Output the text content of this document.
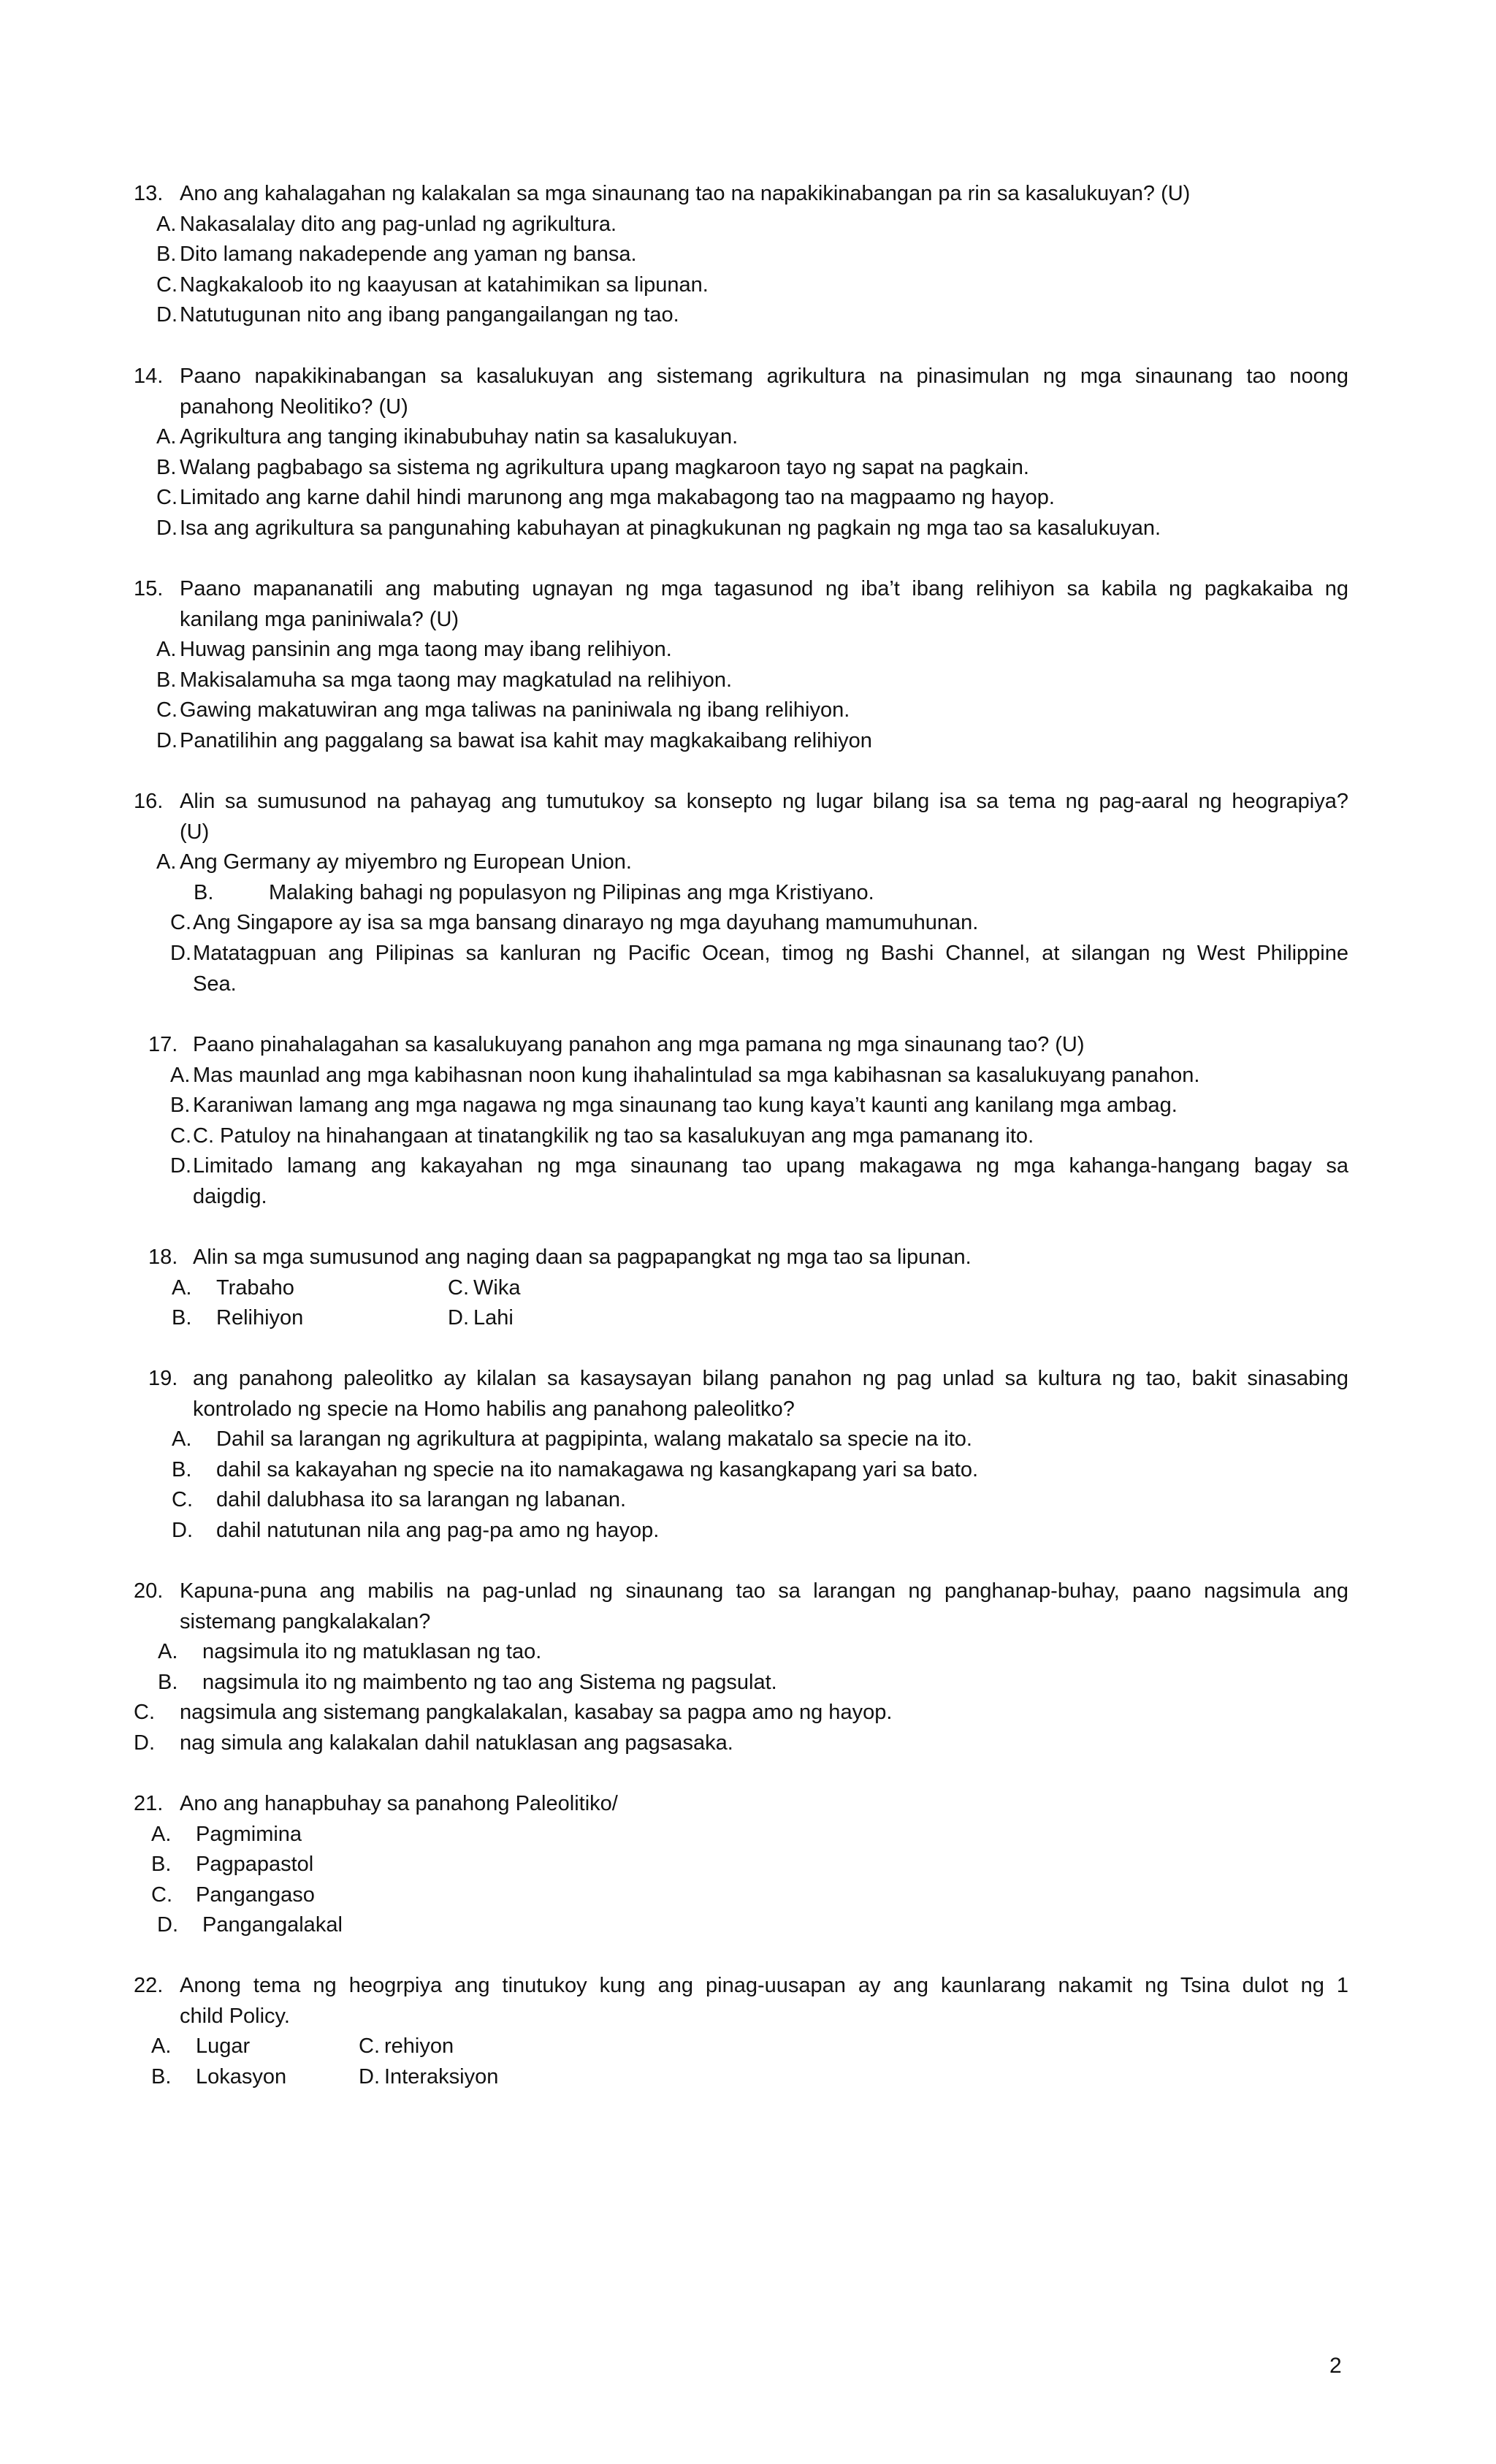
13. Ano ang kahalagahan ng kalakalan sa mga sinaunang tao na napakikinabangan pa rin sa kasalukuyan? (U)
A. Nakasalalay dito ang pag-unlad ng agrikultura.
B. Dito lamang nakadepende ang yaman ng bansa.
C. Nagkakaloob ito ng kaayusan at katahimikan sa lipunan.
D. Natutugunan nito ang ibang pangangailangan ng tao.
14. Paano napakikinabangan sa kasalukuyan ang sistemang agrikultura na pinasimulan ng mga sinaunang tao noong
panahong Neolitiko? (U)
A. Agrikultura ang tanging ikinabubuhay natin sa kasalukuyan.
B. Walang pagbabago sa sistema ng agrikultura upang magkaroon tayo ng sapat na pagkain.
C. Limitado ang karne dahil hindi marunong ang mga makabagong tao na magpaamo ng hayop.
D. Isa ang agrikultura sa pangunahing kabuhayan at pinagkukunan ng pagkain ng mga tao sa kasalukuyan.
15. Paano mapananatili ang mabuting ugnayan ng mga tagasunod ng iba’t ibang relihiyon sa kabila ng pagkakaiba ng
kanilang mga paniniwala? (U)
A. Huwag pansinin ang mga taong may ibang relihiyon.
B. Makisalamuha sa mga taong may magkatulad na relihiyon.
C. Gawing makatuwiran ang mga taliwas na paniniwala ng ibang relihiyon.
D. Panatilihin ang paggalang sa bawat isa kahit may magkakaibang relihiyon
16. Alin sa sumusunod na pahayag ang tumutukoy sa konsepto ng lugar bilang isa sa tema ng pag-aaral ng heograpiya?
(U)
A. Ang Germany ay miyembro ng European Union.
B.	Malaking bahagi ng populasyon ng Pilipinas ang mga Kristiyano.
C. Ang Singapore ay isa sa mga bansang dinarayo ng mga dayuhang mamumuhunan.
D. Matatagpuan ang Pilipinas sa kanluran ng Pacific Ocean, timog ng Bashi Channel, at silangan ng West Philippine
Sea.
17. Paano pinahalagahan sa kasalukuyang panahon ang mga pamana ng mga sinaunang tao? (U)
A. Mas maunlad ang mga kabihasnan noon kung ihahalintulad sa mga kabihasnan sa kasalukuyang panahon.
B. Karaniwan lamang ang mga nagawa ng mga sinaunang tao kung kaya’t kaunti ang kanilang mga ambag.
C. C. Patuloy na hinahangaan at tinatangkilik ng tao sa kasalukuyan ang mga pamanang ito.
D. Limitado lamang ang kakayahan ng mga sinaunang tao upang makagawa ng mga kahanga-hangang bagay sa
daigdig.
18. Alin sa mga sumusunod ang naging daan sa pagpapangkat ng mga tao sa lipunan.
A. Trabaho	C. Wika
B. Relihiyon	D. Lahi
19. ang panahong paleolitko ay kilalan sa kasaysayan bilang panahon ng pag unlad sa kultura ng tao, bakit sinasabing
kontrolado ng specie na Homo habilis ang panahong paleolitko?
A. Dahil sa larangan ng agrikultura at pagpipinta, walang makatalo sa specie na ito.
B. dahil sa kakayahan ng specie na ito namakagawa ng kasangkapang yari sa bato.
C. dahil dalubhasa ito sa larangan ng labanan.
D. dahil natutunan nila ang pag-pa amo ng hayop.
20. Kapuna-puna ang mabilis na pag-unlad ng sinaunang tao sa larangan ng panghanap-buhay, paano nagsimula ang
sistemang pangkalakalan?
A. nagsimula ito ng matuklasan ng tao.
B. nagsimula ito ng maimbento ng tao ang Sistema ng pagsulat.
C. nagsimula ang sistemang pangkalakalan, kasabay sa pagpa amo ng hayop.
D. nag simula ang kalakalan dahil natuklasan ang pagsasaka.
21. Ano ang hanapbuhay sa panahong Paleolitiko/
A. Pagmimina
B. Pagpapastol
C. Pangangaso
D. Pangangalakal
22. Anong tema ng heogrpiya ang tinutukoy kung ang pinag-uusapan ay ang kaunlarang nakamit ng Tsina dulot ng 1
child Policy.
A. Lugar	C. rehiyon
B. Lokasyon	D. Interaksiyon
2
